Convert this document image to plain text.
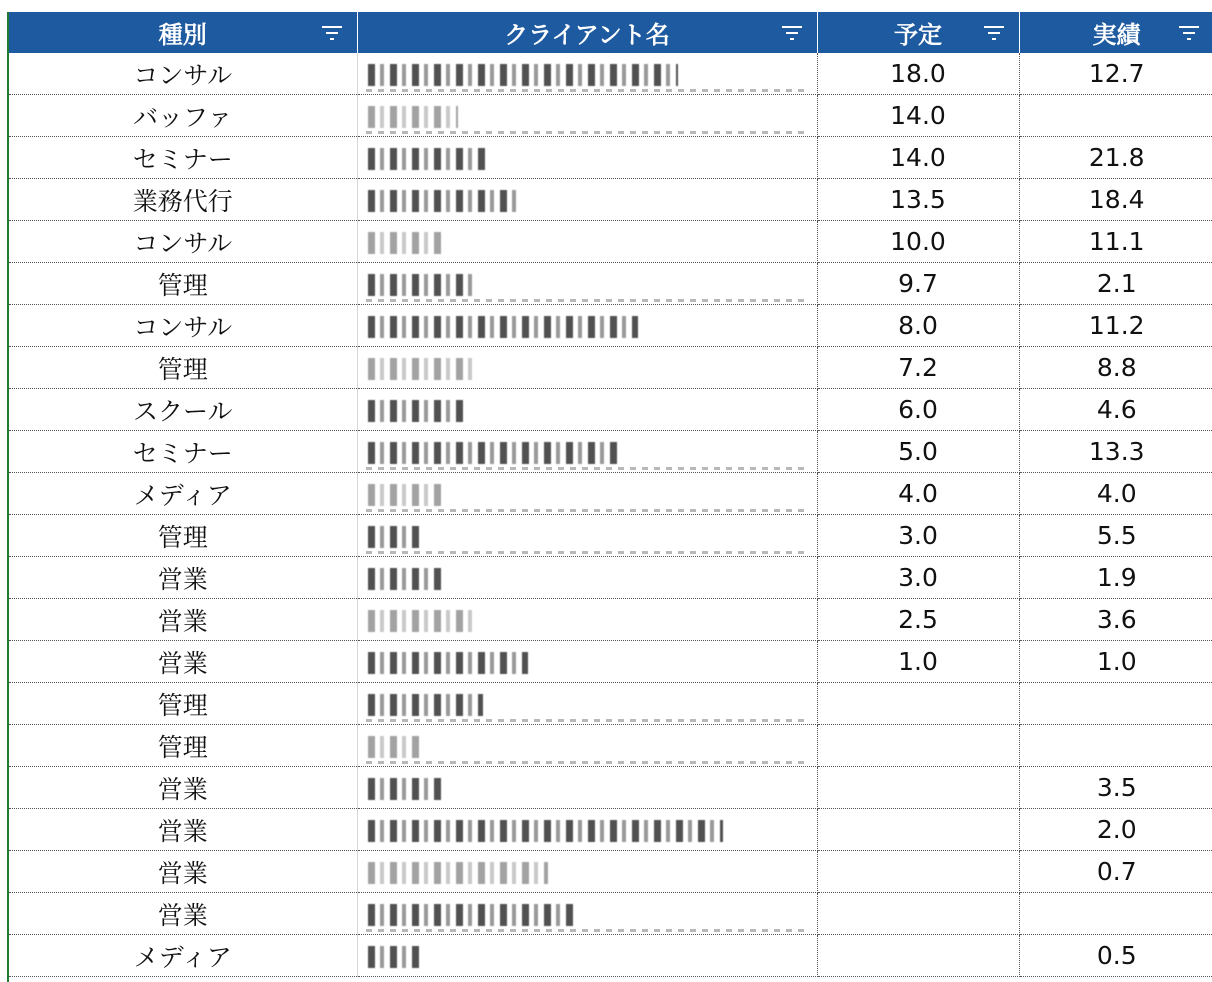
種別	クライアント名	予定	実績

コンサル		18.0	12.7
バッファ		14.0	
セミナー		14.0	21.8
業務代行		13.5	18.4
コンサル		10.0	11.1
管理		9.7	2.1
コンサル		8.0	11.2
管理		7.2	8.8
スクール		6.0	4.6
セミナー		5.0	13.3
メディア		4.0	4.0
管理		3.0	5.5
営業		3.0	1.9
営業		2.5	3.6
営業		1.0	1.0
管理	

管理	

営業			3.5
営業			2.0
営業			0.7
営業	

メディア			0.5
